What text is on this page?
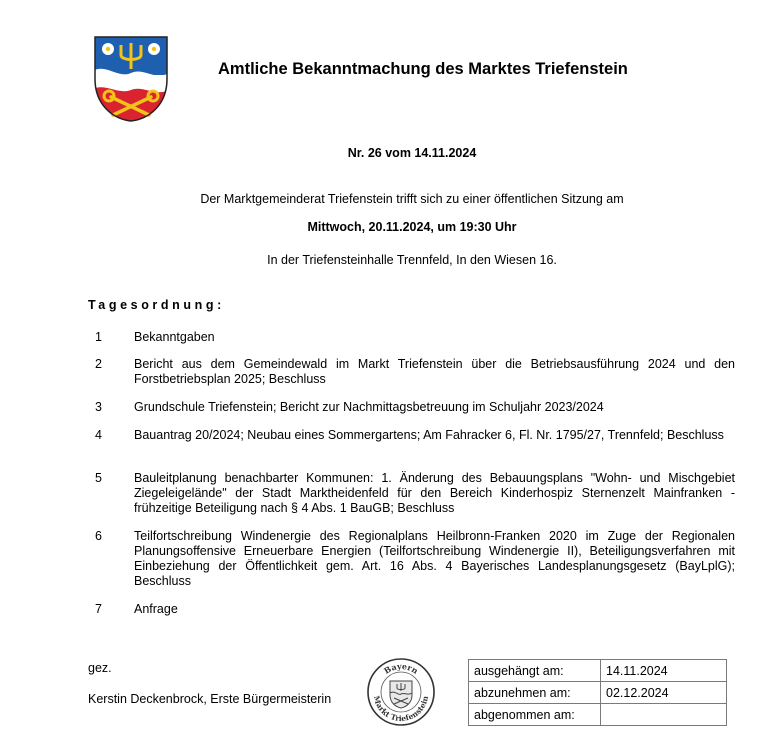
Amtliche Bekanntmachung des Marktes Triefenstein
Nr. 26 vom 14.11.2024
Der Marktgemeinderat Triefenstein trifft sich zu einer öffentlichen Sitzung am
Mittwoch, 20.11.2024, um 19:30 Uhr
In der Triefensteinhalle Trennfeld, In den Wiesen 16.
Tagesordnung:
1	Bekanntgaben
2	Bericht aus dem Gemeindewald im Markt Triefenstein über die Betriebsausführung 2024 und den Forstbetriebsplan 2025; Beschluss
3	Grundschule Triefenstein; Bericht zur Nachmittagsbetreuung im Schuljahr 2023/2024
4	Bauantrag 20/2024; Neubau eines Sommergartens; Am Fahracker 6, Fl. Nr. 1795/27, Trennfeld; Beschluss
5	Bauleitplanung benachbarter Kommunen: 1. Änderung des Bebauungsplans "Wohn- und Mischgebiet Ziegeleigelände" der Stadt Marktheidenfeld für den Bereich Kinderhospiz Sternenzelt Mainfranken - frühzeitige Beteiligung nach § 4 Abs. 1 BauGB; Beschluss
6	Teilfortschreibung Windenergie des Regionalplans Heilbronn-Franken 2020 im Zuge der Regionalen Planungsoffensive Erneuerbare Energien (Teilfortschreibung Windenergie II), Beteiligungsverfahren mit Einbeziehung der Öffentlichkeit gem. Art. 16 Abs. 4 Bayerisches Landesplanungsgesetz (BayLplG); Beschluss
7	Anfrage
gez.
Kerstin Deckenbrock, Erste Bürgermeisterin
Bayern
Markt Triefenstein
ausgehängt am:	14.11.2024
abzunehmen am:	02.12.2024
abgenommen am:	
